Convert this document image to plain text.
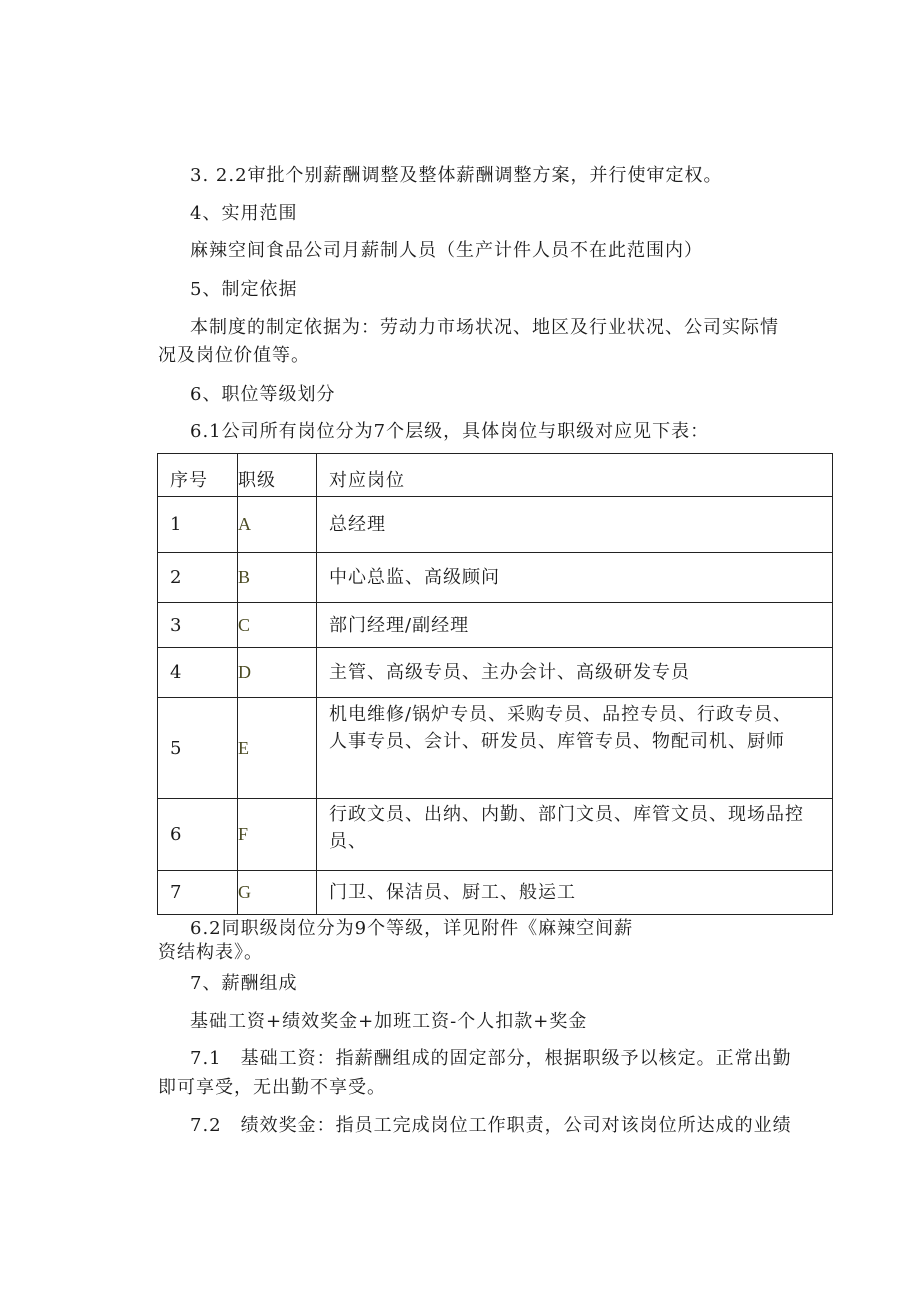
3. 2.2审批个别薪酬调整及整体薪酬调整方案，并行使审定权。
4、实用范围
麻辣空间食品公司月薪制人员（生产计件人员不在此范围内）
5、制定依据
本制度的制定依据为：劳动力市场状况、地区及行业状况、公司实际情
况及岗位价值等。
6、职位等级划分
6.1公司所有岗位分为7个层级，具体岗位与职级对应见下表：
序号	职级	对应岗位
1	A	总经理
2	B	中心总监、高级顾问
3	C	部门经理/副经理
4	D	主管、高级专员、主办会计、高级研发专员
5	E	机电维修/锅炉专员、采购专员、品控专员、行政专员、
人事专员、会计、研发员、库管专员、物配司机、厨师

6	F	行政文员、出纳、内勤、部门文员、库管文员、现场品控
员、

7	G	门卫、保洁员、厨工、般运工
6.2同职级岗位分为9个等级，详见附件《麻辣空间薪
资结构表》。
7、薪酬组成
基础工资+绩效奖金+加班工资-个人扣款+奖金
7.1　基础工资：指薪酬组成的固定部分，根据职级予以核定。正常出勤
即可享受，无出勤不享受。
7.2　绩效奖金：指员工完成岗位工作职责，公司对该岗位所达成的业绩
